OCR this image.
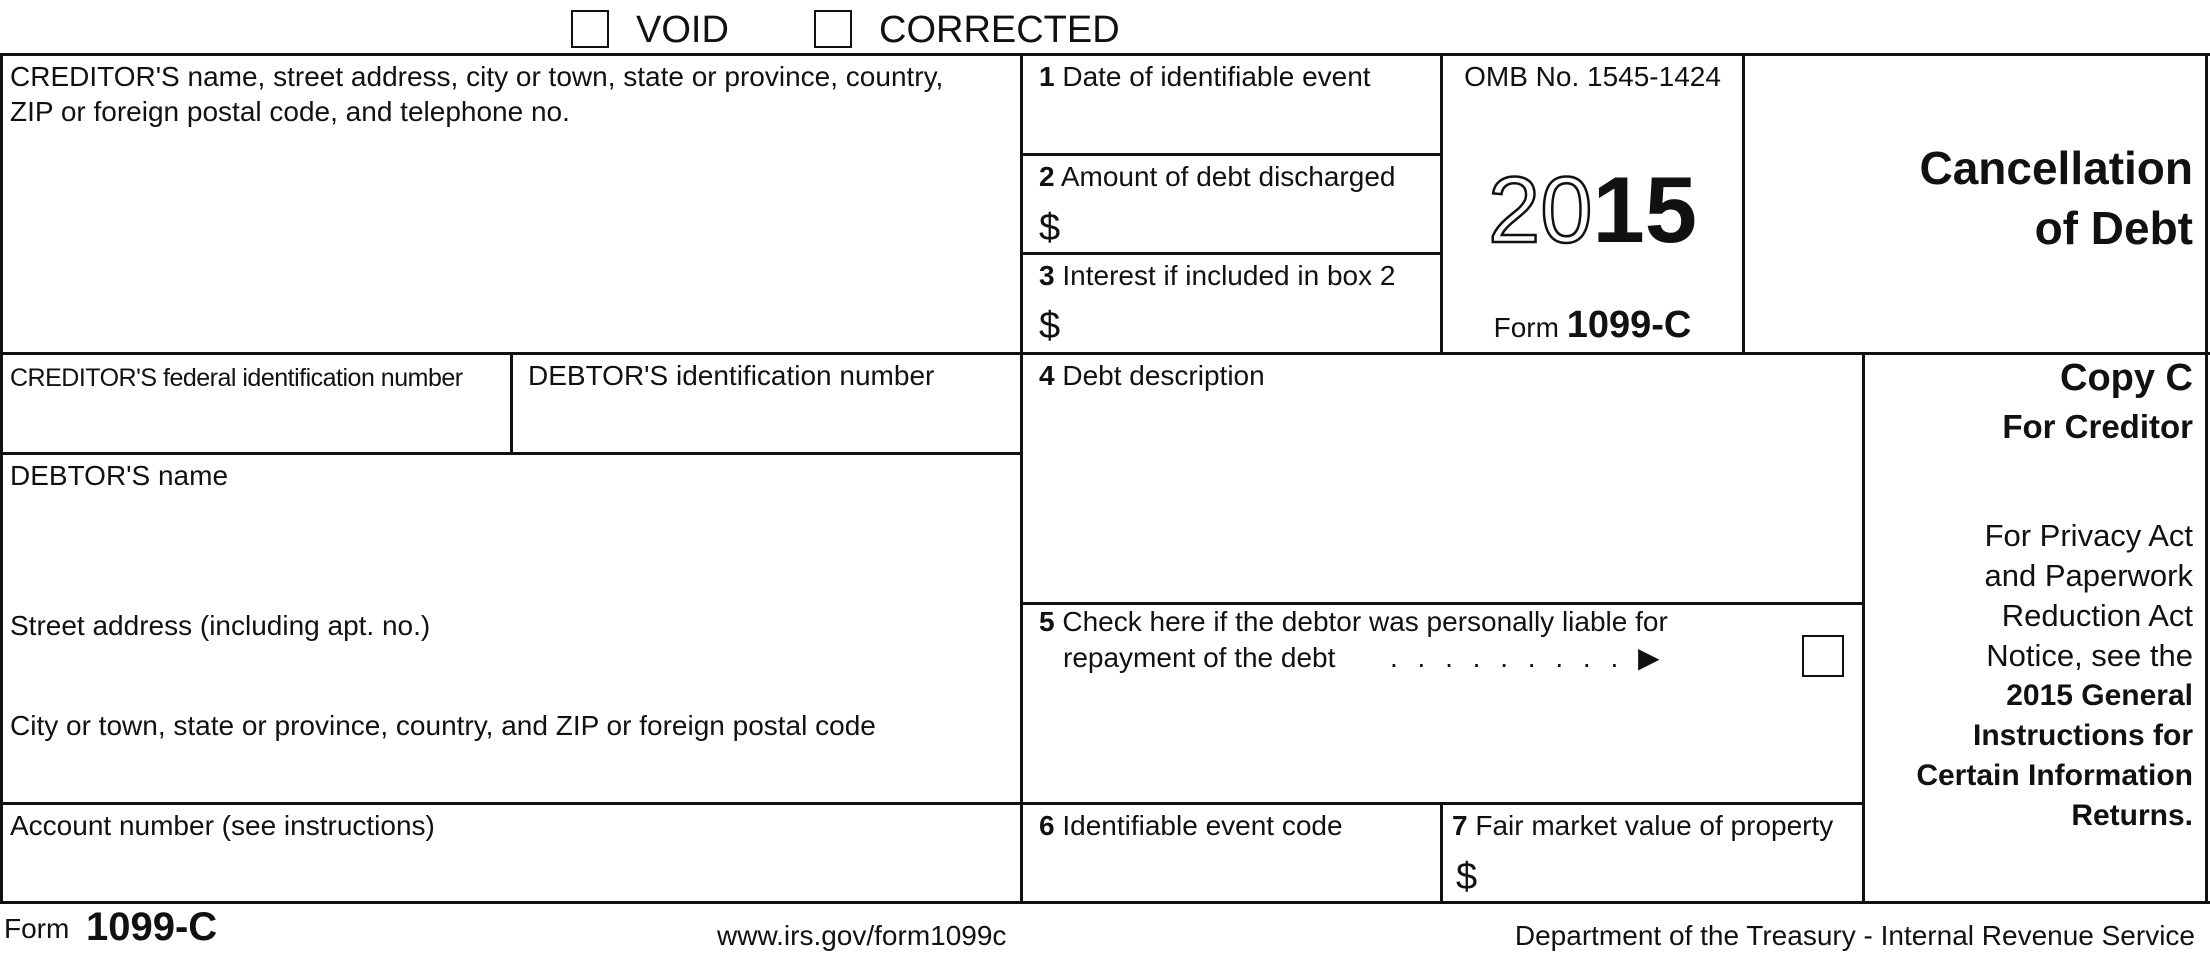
VOID	CORRECTED
CREDITOR'S name, street address, city or town, state or province, country,
ZIP or foreign postal code, and telephone no.
1 Date of identifiable event
2 Amount of debt discharged
$
3 Interest if included in box 2
$
OMB No. 1545-1424
2015
Form 1099-C
Cancellation
of Debt
CREDITOR'S federal identification number DEBTOR'S identification number
DEBTOR'S name
Street address (including apt. no.)
City or town, state or province, country, and ZIP or foreign postal code
Account number (see instructions)
4 Debt description
5 Check here if the debtor was personally liable for
repayment of the debt . . . . . . . . . ▶
6 Identifiable event code	7 Fair market value of property
$
Copy C
For Creditor
For Privacy Act
and Paperwork
Reduction Act
Notice, see the
2015 General
Instructions for
Certain Information
Returns.
Form 1099-C	www.irs.gov/form1099c	Department of the Treasury - Internal Revenue Service
